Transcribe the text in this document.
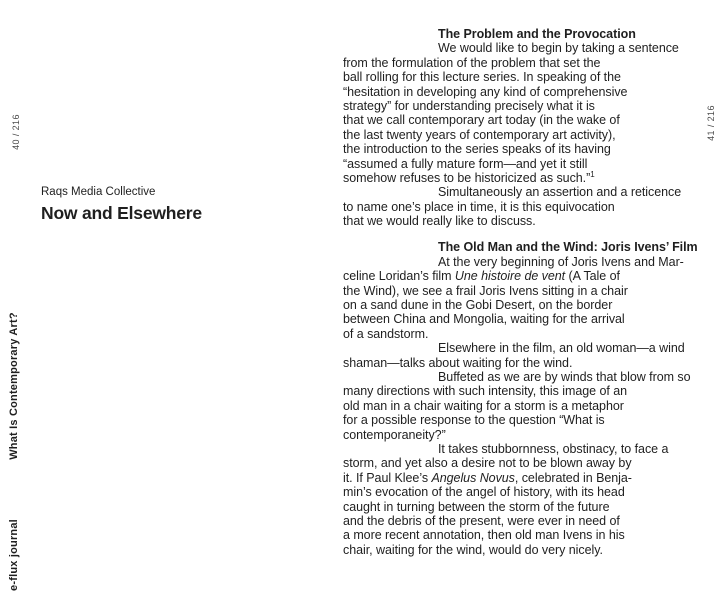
40 / 216	41 / 216
What Is Contemporary Art?
e-flux journal
Raqs Media Collective
Now and Elsewhere
The Problem and the Provocation
We would like to begin by taking a sentence
from the formulation of the problem that set the
ball rolling for this lecture series. In speaking of the
“hesitation in developing any kind of comprehensive
strategy” for understanding precisely what it is
that we call contemporary art today (in the wake of
the last twenty years of contemporary art activity),
the introduction to the series speaks of its having
“assumed a fully mature form—and yet it still
somehow refuses to be historicized as such.”$^1$
Simultaneously an assertion and a reticence
to name one’s place in time, it is this equivocation
that we would really like to discuss.
The Old Man and the Wind: Joris Ivens’ Film
At the very beginning of Joris Ivens and Mar-
celine Loridan’s film Une histoire de vent (A Tale of
the Wind), we see a frail Joris Ivens sitting in a chair
on a sand dune in the Gobi Desert, on the border
between China and Mongolia, waiting for the arrival
of a sandstorm.
Elsewhere in the film, an old woman—a wind
shaman—talks about waiting for the wind.
Buffeted as we are by winds that blow from so
many directions with such intensity, this image of an
old man in a chair waiting for a storm is a metaphor
for a possible response to the question “What is
contemporaneity?”
It takes stubbornness, obstinacy, to face a
storm, and yet also a desire not to be blown away by
it. If Paul Klee’s Angelus Novus, celebrated in Benja-
min’s evocation of the angel of history, with its head
caught in turning between the storm of the future
and the debris of the present, were ever in need of
a more recent annotation, then old man Ivens in his
chair, waiting for the wind, would do very nicely.
